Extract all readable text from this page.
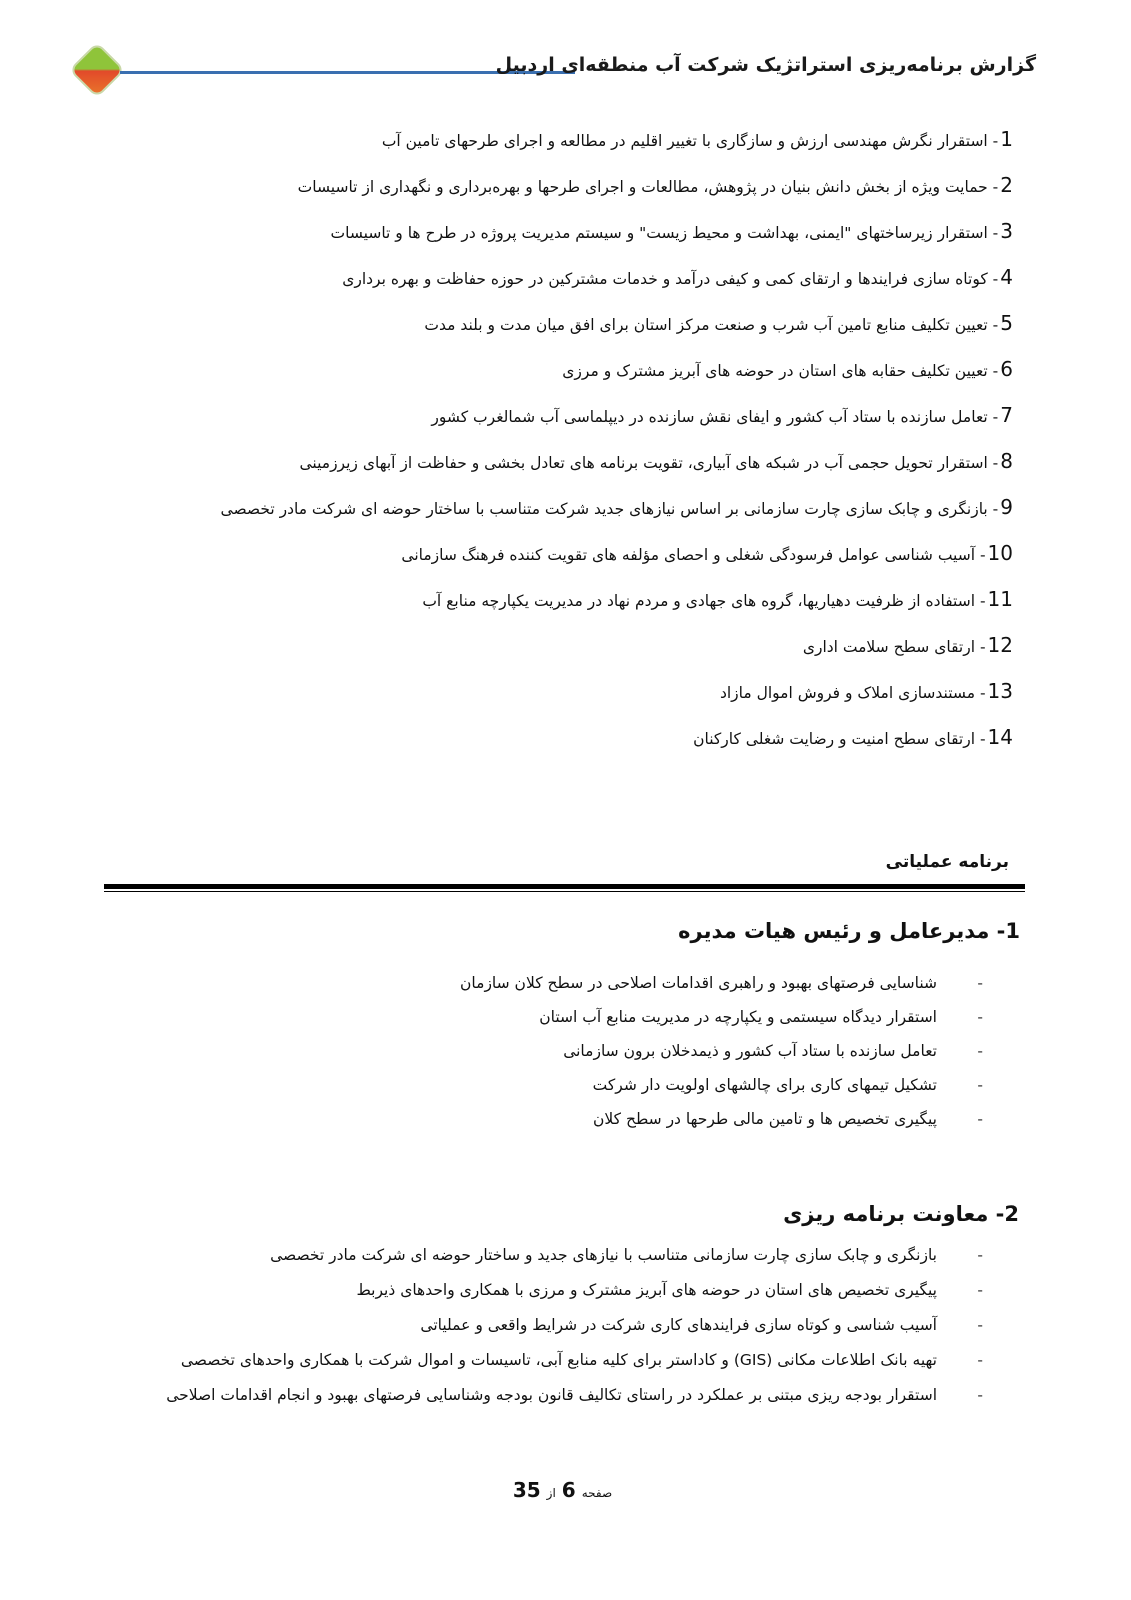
گزارش برنامه‌ریزی استراتژیک شرکت آب منطقه‌ای اردبیل
1- استقرار نگرش مهندسی ارزش و سازگاری با تغییر اقلیم در مطالعه و اجرای طرحهای تامین آب
2- حمایت ویژه از بخش دانش بنیان در پژوهش، مطالعات و اجرای طرحها و بهره‌برداری و نگهداری از تاسیسات
3- استقرار زیرساختهای "ایمنی، بهداشت و محیط زیست" و سیستم مدیریت پروژه در طرح ها و تاسیسات
4- کوتاه سازی فرایندها و ارتقای کمی و کیفی درآمد و خدمات مشترکین در حوزه حفاظت و بهره برداری
5- تعیین تکلیف منابع تامین آب شرب و صنعت مرکز استان برای افق میان مدت و بلند مدت
6- تعیین تکلیف حقابه های استان در حوضه های آبریز مشترک و مرزی
7- تعامل سازنده با ستاد آب کشور و ایفای نقش سازنده در دیپلماسی آب شمالغرب کشور
8- استقرار تحویل حجمی آب در شبکه های آبیاری، تقویت برنامه های تعادل بخشی و حفاظت از آبهای زیرزمینی
9- بازنگری و چابک سازی چارت سازمانی بر اساس نیازهای جدید شرکت متناسب با ساختار حوضه ای شرکت مادر تخصصی
10- آسیب شناسی عوامل فرسودگی شغلی و احصای مؤلفه های تقویت کننده فرهنگ سازمانی
11- استفاده از ظرفیت دهیاریها، گروه های جهادی و مردم نهاد در مدیریت یکپارچه منابع آب
12- ارتقای سطح سلامت اداری
13- مستندسازی املاک و فروش اموال مازاد
14- ارتقای سطح امنیت و رضایت شغلی کارکنان
برنامه عملیاتی
1- مدیرعامل و رئیس هیات مدیره
-
شناسایی فرصتهای بهبود و راهبری اقدامات اصلاحی در سطح کلان سازمان
-
استقرار دیدگاه سیستمی و یکپارچه در مدیریت منابع آب استان
-
تعامل سازنده با ستاد آب کشور و ذیمدخلان برون سازمانی
-
تشکیل تیمهای کاری برای چالشهای اولویت دار شرکت
-
پیگیری تخصیص ها و تامین مالی طرحها در سطح کلان
2- معاونت برنامه ریزی
-
بازنگری و چابک سازی چارت سازمانی متناسب با نیازهای جدید و ساختار حوضه ای شرکت مادر تخصصی
-
پیگیری تخصیص های استان در حوضه های آبریز مشترک و مرزی با همکاری واحدهای ذیربط
-
آسیب شناسی و کوتاه سازی فرایندهای کاری شرکت در شرایط واقعی و عملیاتی
-
تهیه بانک اطلاعات مکانی (GIS) و کاداستر برای کلیه منابع آبی، تاسیسات و اموال شرکت با همکاری واحدهای تخصصی
-
استقرار بودجه ریزی مبتنی بر عملکرد در راستای تکالیف قانون بودجه وشناسایی فرصتهای بهبود و انجام اقدامات اصلاحی
صفحه6از35
